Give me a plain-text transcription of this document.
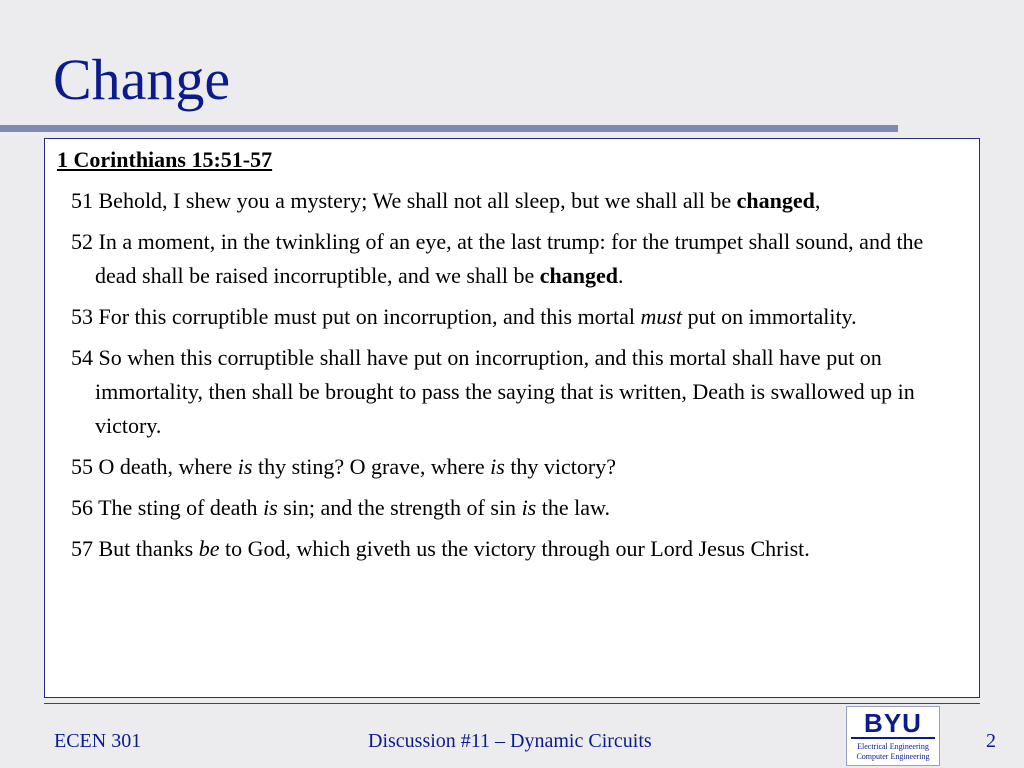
Change

1 Corinthians 15:51-57

51 Behold, I shew you a mystery; We shall not all sleep, but we shall all be changed,

52 In a moment, in the twinkling of an eye, at the last trump: for the trumpet shall sound, and the dead shall be raised incorruptible, and we shall be changed.

53 For this corruptible must put on incorruption, and this mortal must put on immortality.

54 So when this corruptible shall have put on incorruption, and this mortal shall have put on immortality, then shall be brought to pass the saying that is written, Death is swallowed up in victory.

55 O death, where is thy sting? O grave, where is thy victory?

56 The sting of death is sin; and the strength of sin is the law.

57 But thanks be to God, which giveth us the victory through our Lord Jesus Christ.

ECEN 301	Discussion #11 – Dynamic Circuits	2
BYU
Electrical Engineering
Computer Engineering
